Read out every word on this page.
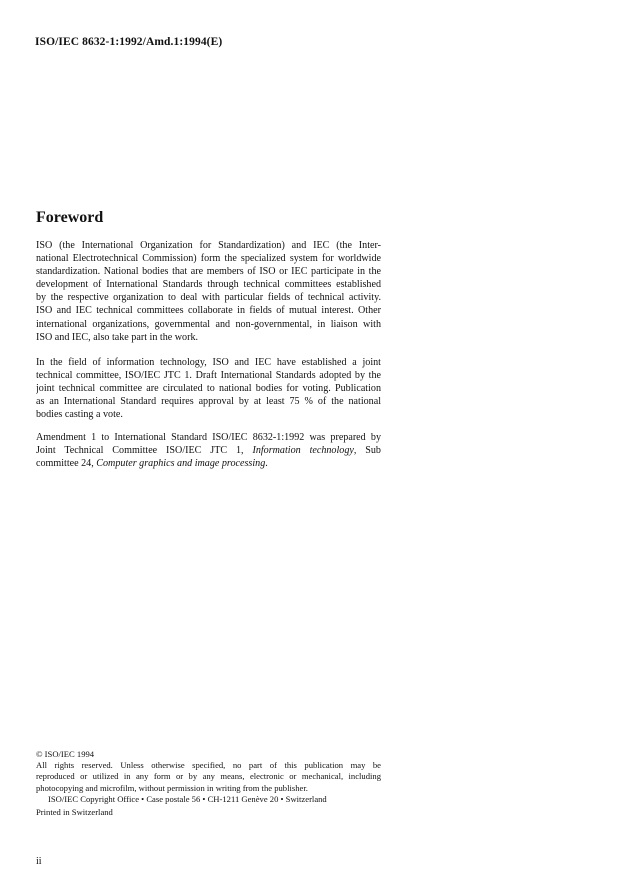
ISO/IEC 8632-1:1992/Amd.1:1994(E)
Foreword
ISO (the International Organization for Standardization) and IEC (the Inter-
national Electrotechnical Commission) form the specialized system for worldwide
standardization. National bodies that are members of ISO or IEC participate in the
development of International Standards through technical committees established
by the respective organization to deal with particular fields of technical activity.
ISO and IEC technical committees collaborate in fields of mutual interest. Other
international organizations, governmental and non-governmental, in liaison with
ISO and IEC, also take part in the work.
In the field of information technology, ISO and IEC have established a joint
technical committee, ISO/IEC JTC 1. Draft International Standards adopted by the
joint technical committee are circulated to national bodies for voting. Publication
as an International Standard requires approval by at least 75 % of the national
bodies casting a vote.
Amendment 1 to International Standard ISO/IEC 8632-1:1992 was prepared by
Joint Technical Committee ISO/IEC JTC 1, Information technology, Sub
committee 24, Computer graphics and image processing.
© ISO/IEC 1994
All rights reserved. Unless otherwise specified, no part of this publication may be
reproduced or utilized in any form or by any means, electronic or mechanical, including
photocopying and microfilm, without permission in writing from the publisher.
ISO/IEC Copyright Office • Case postale 56 • CH-1211 Genève 20 • Switzerland
Printed in Switzerland
ii
